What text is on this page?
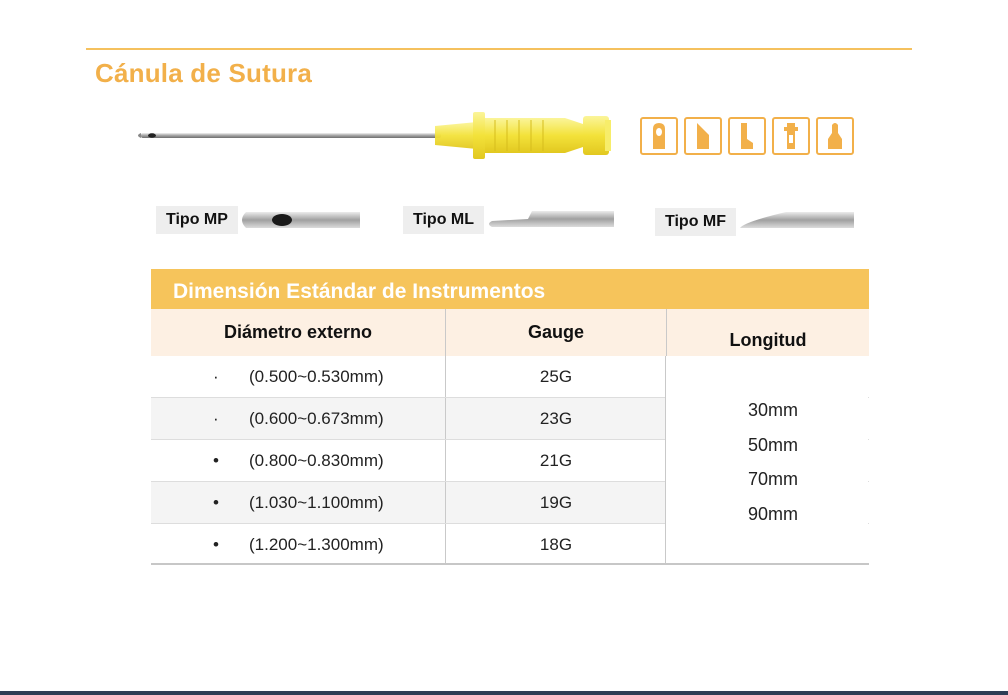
Cánula de Sutura
Tipo MP	Tipo ML	Tipo MF
Dimensión Estándar de Instrumentos
Diámetro externo	Gauge	Longitud
· (0.500~0.530mm)	25G
· (0.600~0.673mm)	23G
• (0.800~0.830mm)	21G
• (1.030~1.100mm)	19G
• (1.200~1.300mm)	18G
30mm
50mm
70mm
90mm
